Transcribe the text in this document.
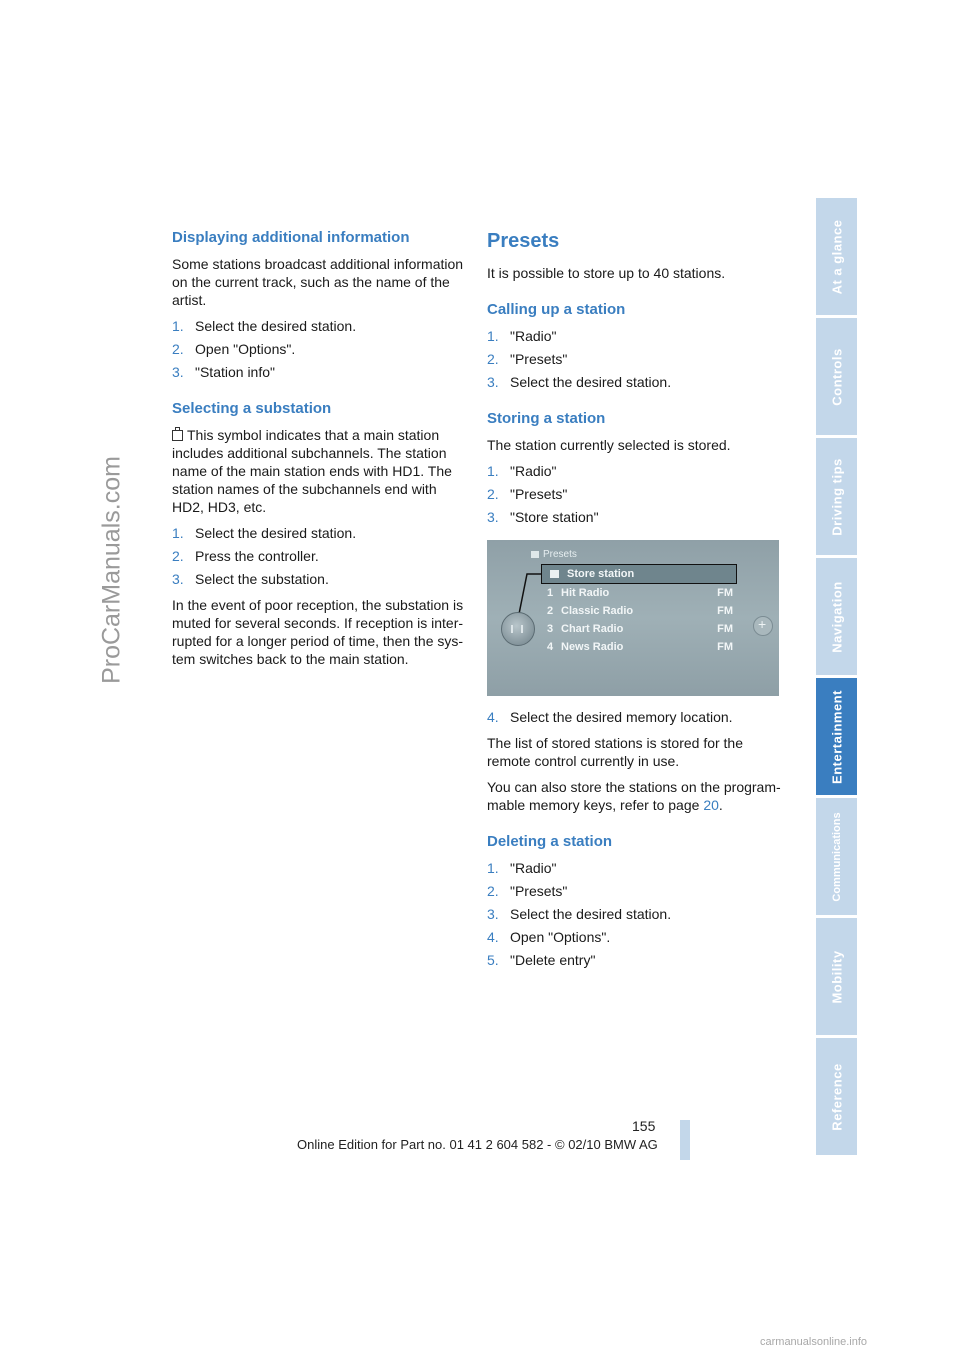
ProCarManuals.com
Displaying additional information

Some stations broadcast additional information on the current track, such as the name of the artist.

1. Select the desired station.
2. Open "Options".
3. "Station info"
Selecting a substation

This symbol indicates that a main station includes additional subchannels. The station name of the main station ends with HD1. The station names of the subchannels end with HD2, HD3, etc.

1. Select the desired station.
2. Press the controller.
3. Select the substation.

In the event of poor reception, the substation is muted for several seconds. If reception is inter-rupted for a longer period of time, then the sys-tem switches back to the main station.

Presets

It is possible to store up to 40 stations.

Calling up a station
1. "Radio"
2. "Presets"
3. Select the desired station.
Storing a station

The station currently selected is stored.

1. "Radio"
2. "Presets"
3. "Store station"
Presets
Store station
1 Hit Radio	FM
2 Classic Radio	FM
3 Chart Radio	FM
4 News Radio	FM
+
4. Select the desired memory location.

The list of stored stations is stored for the remote control currently in use.

You can also store the stations on the program-mable memory keys, refer to page 20.

Deleting a station
1. "Radio"
2. "Presets"
3. Select the desired station.
4. Open "Options".
5. "Delete entry"
At a glance
Controls
Driving tips
Navigation
Entertainment
Communications
Mobility
Reference
155
Online Edition for Part no. 01 41 2 604 582 - © 02/10 BMW AG
carmanualsonline.info
